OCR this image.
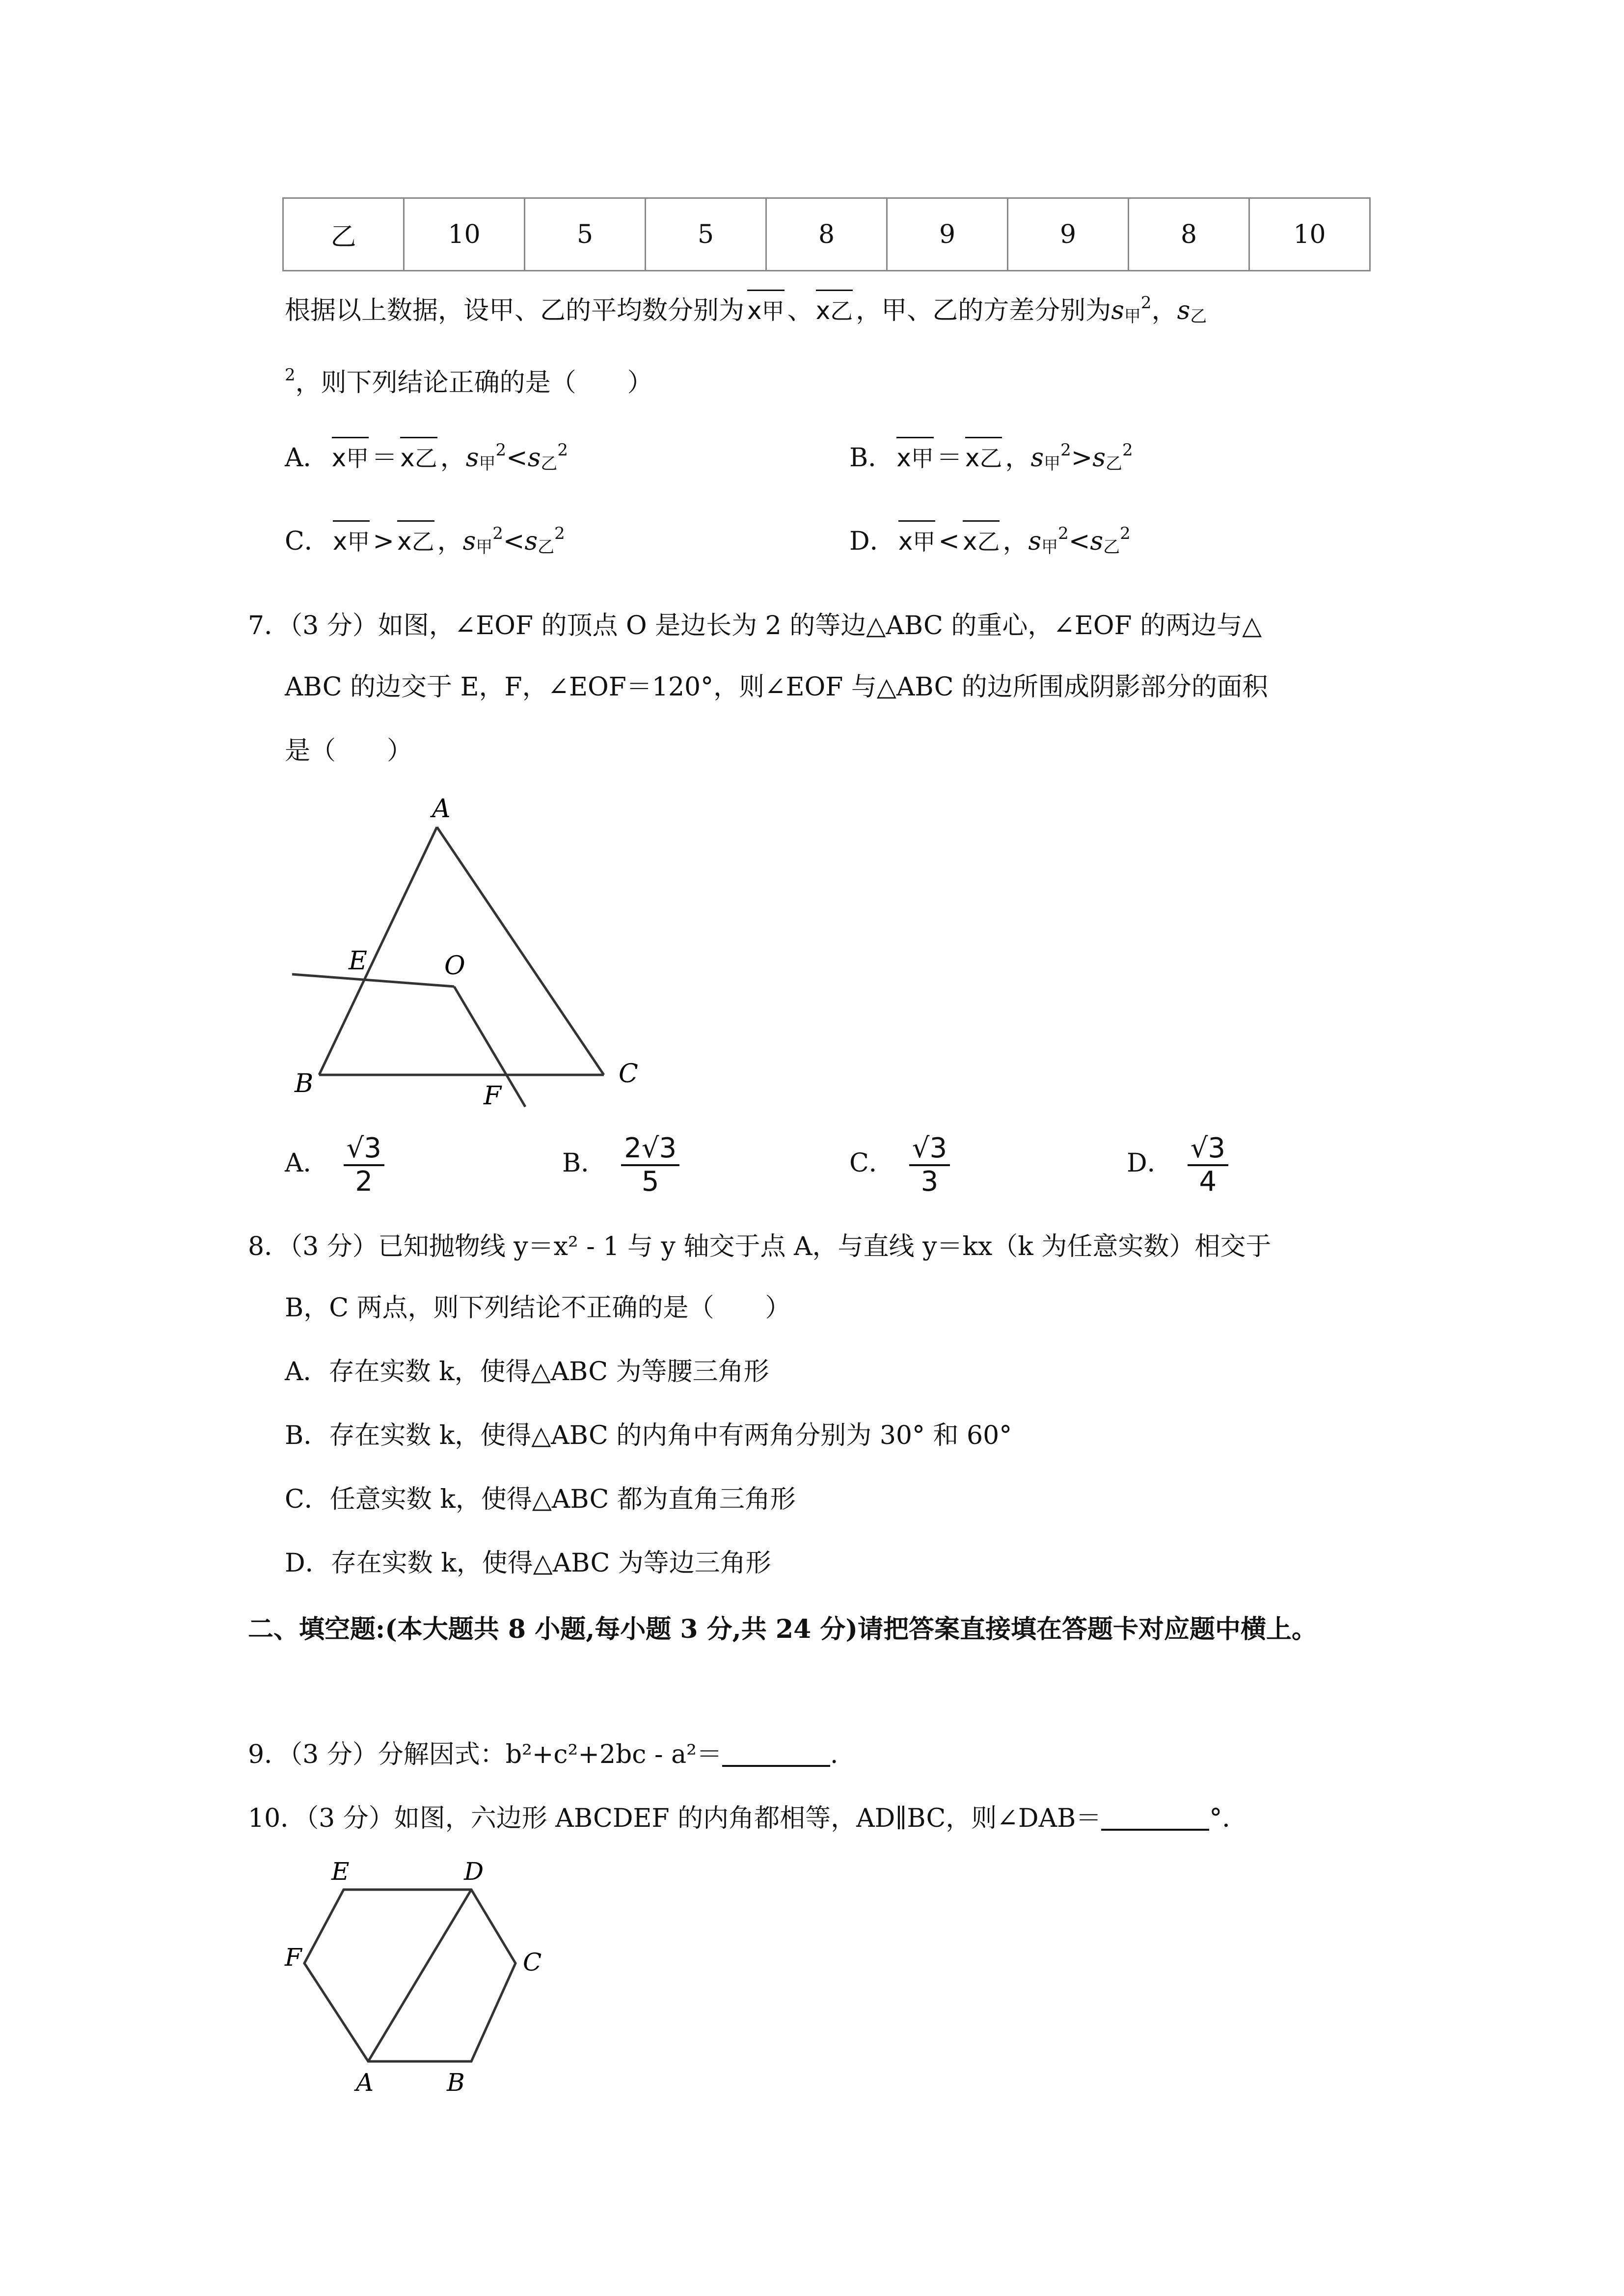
乙	10	5	5	8	9	9	8	10
根据以上数据，设甲、乙的平均数分别为 x甲 、 x乙 ，甲、乙的方差分别为$s_甲^2$，$s_乙$
$^2$，则下列结论正确的是（　　）
A． x甲 ＝ x乙 ，$s_甲^2<s_乙^2$	B． x甲 ＝ x乙 ，$s_甲^2>s_乙^2$
C． x甲 > x乙 ，$s_甲^2<s_乙^2$	D． x甲 < x乙 ，$s_甲^2<s_乙^2$
7．（3 分）如图，∠EOF 的顶点 O 是边长为 2 的等边△ABC 的重心，∠EOF 的两边与△
ABC 的边交于 E，F，∠EOF＝120°，则∠EOF 与△ABC 的边所围成阴影部分的面积
是（　　）
A
B	C
E	O
F
A． $\frac{√3}{2}$	B． $\frac{2√3}{5}$	C． $\frac{√3}{3}$	D． $\frac{√3}{4}$
8．（3 分）已知抛物线 y＝x² ‑ 1 与 y 轴交于点 A，与直线 y＝kx（k 为任意实数）相交于
B，C 两点，则下列结论不正确的是（　　）
A．存在实数 k，使得△ABC 为等腰三角形
B．存在实数 k，使得△ABC 的内角中有两角分别为 30° 和 60°
C．任意实数 k，使得△ABC 都为直角三角形
D．存在实数 k，使得△ABC 为等边三角形
二、填空题:(本大题共 8 小题,每小题 3 分,共 24 分)请把答案直接填在答题卡对应题中横上。
9．（3 分）分解因式：b²+c²+2bc ‑ a²＝	.
10．（3 分）如图，六边形 ABCDEF 的内角都相等，AD∥BC，则∠DAB＝	°．
E	D
C
F
A	B
